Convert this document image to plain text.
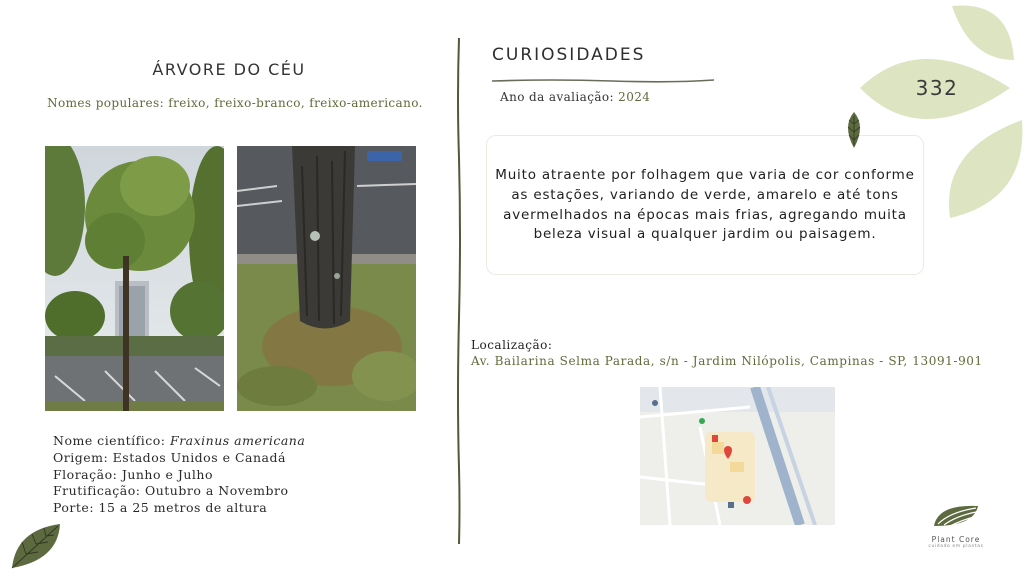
ÁRVORE DO CÉU
Nomes populares: freixo, freixo-branco, freixo-americano.
Nome científico: Fraxinus americana
Origem: Estados Unidos e Canadá
Floração: Junho e Julho
Frutificação: Outubro a Novembro
Porte: 15 a 25 metros de altura
CURIOSIDADES
Ano da avaliação: 2024
Muito atraente por folhagem que varia de cor conforme as estações, variando de verde, amarelo e até tons avermelhados na épocas mais frias, agregando muita beleza visual a qualquer jardim ou paisagem.
Localização:
Av. Bailarina Selma Parada, s/n - Jardim Nilópolis, Campinas - SP, 13091-901
332
Plant Core
cuidado em plantas
